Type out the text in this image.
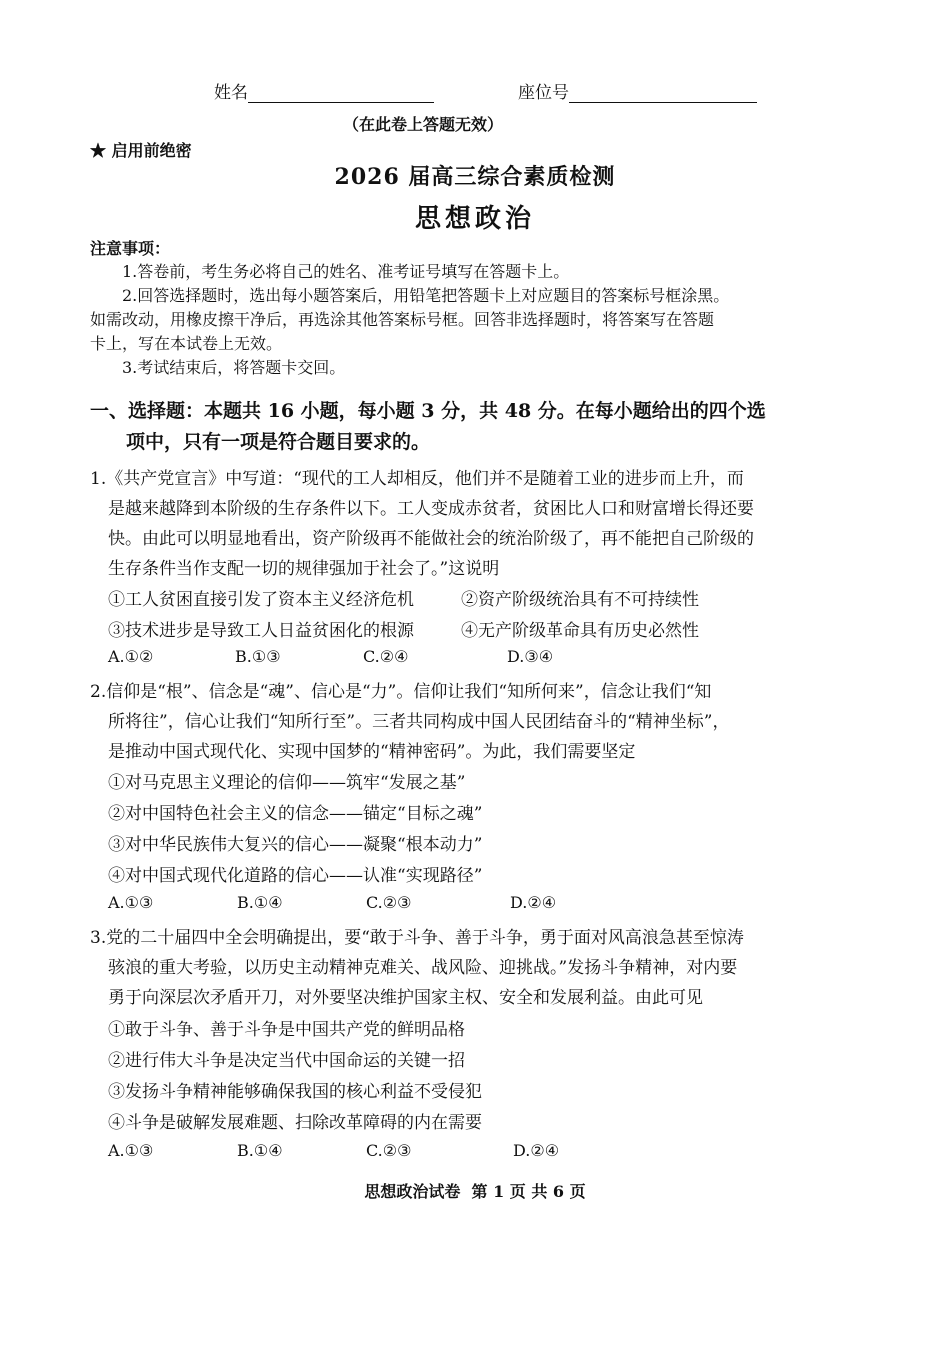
姓名	座位号
（在此卷上答题无效）
★ 启用前绝密
2026 届高三综合素质检测
思想政治
注意事项：
1.答卷前，考生务必将自己的姓名、准考证号填写在答题卡上。
2.回答选择题时，选出每小题答案后，用铅笔把答题卡上对应题目的答案标号框涂黑。
如需改动，用橡皮擦干净后，再选涂其他答案标号框。回答非选择题时，将答案写在答题
卡上，写在本试卷上无效。
3.考试结束后，将答题卡交回。
一、选择题：本题共 16 小题，每小题 3 分，共 48 分。在每小题给出的四个选
项中，只有一项是符合题目要求的。
1.《共产党宣言》中写道：“现代的工人却相反，他们并不是随着工业的进步而上升，而
是越来越降到本阶级的生存条件以下。工人变成赤贫者，贫困比人口和财富增长得还要
快。由此可以明显地看出，资产阶级再不能做社会的统治阶级了，再不能把自己阶级的
生存条件当作支配一切的规律强加于社会了。”这说明
①工人贫困直接引发了资本主义经济危机	②资产阶级统治具有不可持续性
③技术进步是导致工人日益贫困化的根源	④无产阶级革命具有历史必然性
A.①②	B.①③	C.②④	D.③④
2.信仰是“根”、信念是“魂”、信心是“力”。信仰让我们“知所何来”，信念让我们“知
所将往”，信心让我们“知所行至”。三者共同构成中国人民团结奋斗的“精神坐标”，
是推动中国式现代化、实现中国梦的“精神密码”。为此，我们需要坚定
①对马克思主义理论的信仰——筑牢“发展之基”
②对中国特色社会主义的信念——锚定“目标之魂”
③对中华民族伟大复兴的信心——凝聚“根本动力”
④对中国式现代化道路的信心——认准“实现路径”
A.①③	B.①④	C.②③	D.②④
3.党的二十届四中全会明确提出，要“敢于斗争、善于斗争，勇于面对风高浪急甚至惊涛
骇浪的重大考验，以历史主动精神克难关、战风险、迎挑战。”发扬斗争精神，对内要
勇于向深层次矛盾开刀，对外要坚决维护国家主权、安全和发展利益。由此可见
①敢于斗争、善于斗争是中国共产党的鲜明品格
②进行伟大斗争是决定当代中国命运的关键一招
③发扬斗争精神能够确保我国的核心利益不受侵犯
④斗争是破解发展难题、扫除改革障碍的内在需要
A.①③	B.①④	C.②③	D.②④
思想政治试卷  第 1 页 共 6 页
